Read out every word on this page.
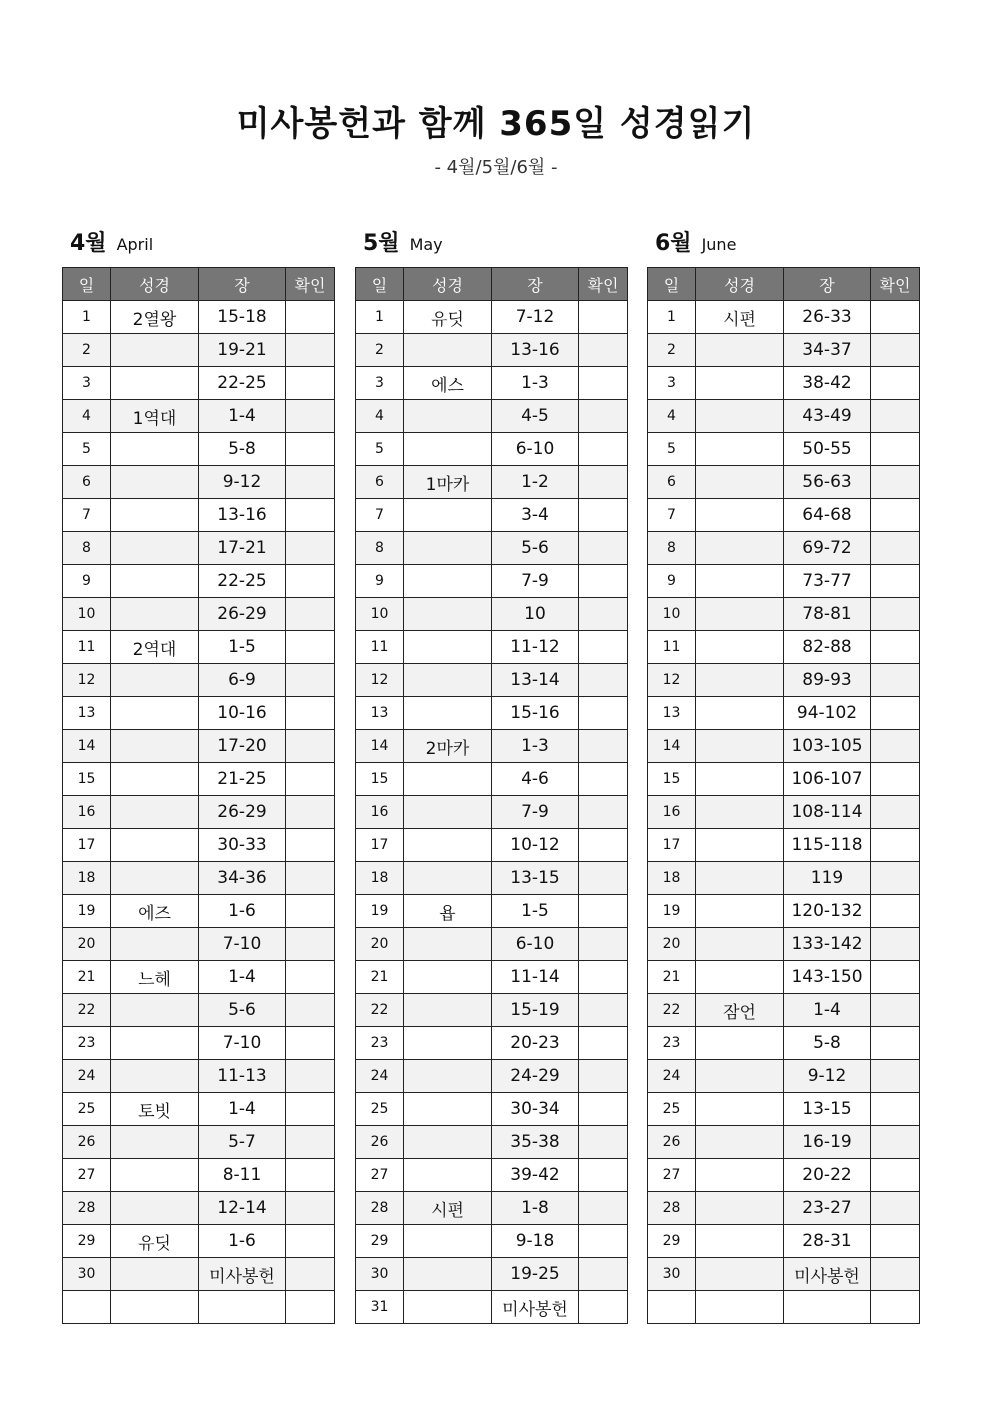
미사봉헌과 함께 365일 성경읽기
- 4월/5월/6월 -
4월 April
일	성경	장	확인
1	2열왕	15-18	
2		19-21	
3		22-25	
4	1역대	1-4	
5		5-8	
6		9-12	
7		13-16	
8		17-21	
9		22-25	
10		26-29	
11	2역대	1-5	
12		6-9	
13		10-16	
14		17-20	
15		21-25	
16		26-29	
17		30-33	
18		34-36	
19	에즈	1-6	
20		7-10	
21	느헤	1-4	
22		5-6	
23		7-10	
24		11-13	
25	토빗	1-4	
26		5-7	
27		8-11	
28		12-14	
29	유딧	1-6	
30		미사봉헌	

5월 May
일	성경	장	확인
1	유딧	7-12	
2		13-16	
3	에스	1-3	
4		4-5	
5		6-10	
6	1마카	1-2	
7		3-4	
8		5-6	
9		7-9	
10		10	
11		11-12	
12		13-14	
13		15-16	
14	2마카	1-3	
15		4-6	
16		7-9	
17		10-12	
18		13-15	
19	욥	1-5	
20		6-10	
21		11-14	
22		15-19	
23		20-23	
24		24-29	
25		30-34	
26		35-38	
27		39-42	
28	시편	1-8	
29		9-18	
30		19-25	
31		미사봉헌	
6월 June
일	성경	장	확인
1	시편	26-33	
2		34-37	
3		38-42	
4		43-49	
5		50-55	
6		56-63	
7		64-68	
8		69-72	
9		73-77	
10		78-81	
11		82-88	
12		89-93	
13		94-102	
14		103-105	
15		106-107	
16		108-114	
17		115-118	
18		119	
19		120-132	
20		133-142	
21		143-150	
22	잠언	1-4	
23		5-8	
24		9-12	
25		13-15	
26		16-19	
27		20-22	
28		23-27	
29		28-31	
30		미사봉헌	
